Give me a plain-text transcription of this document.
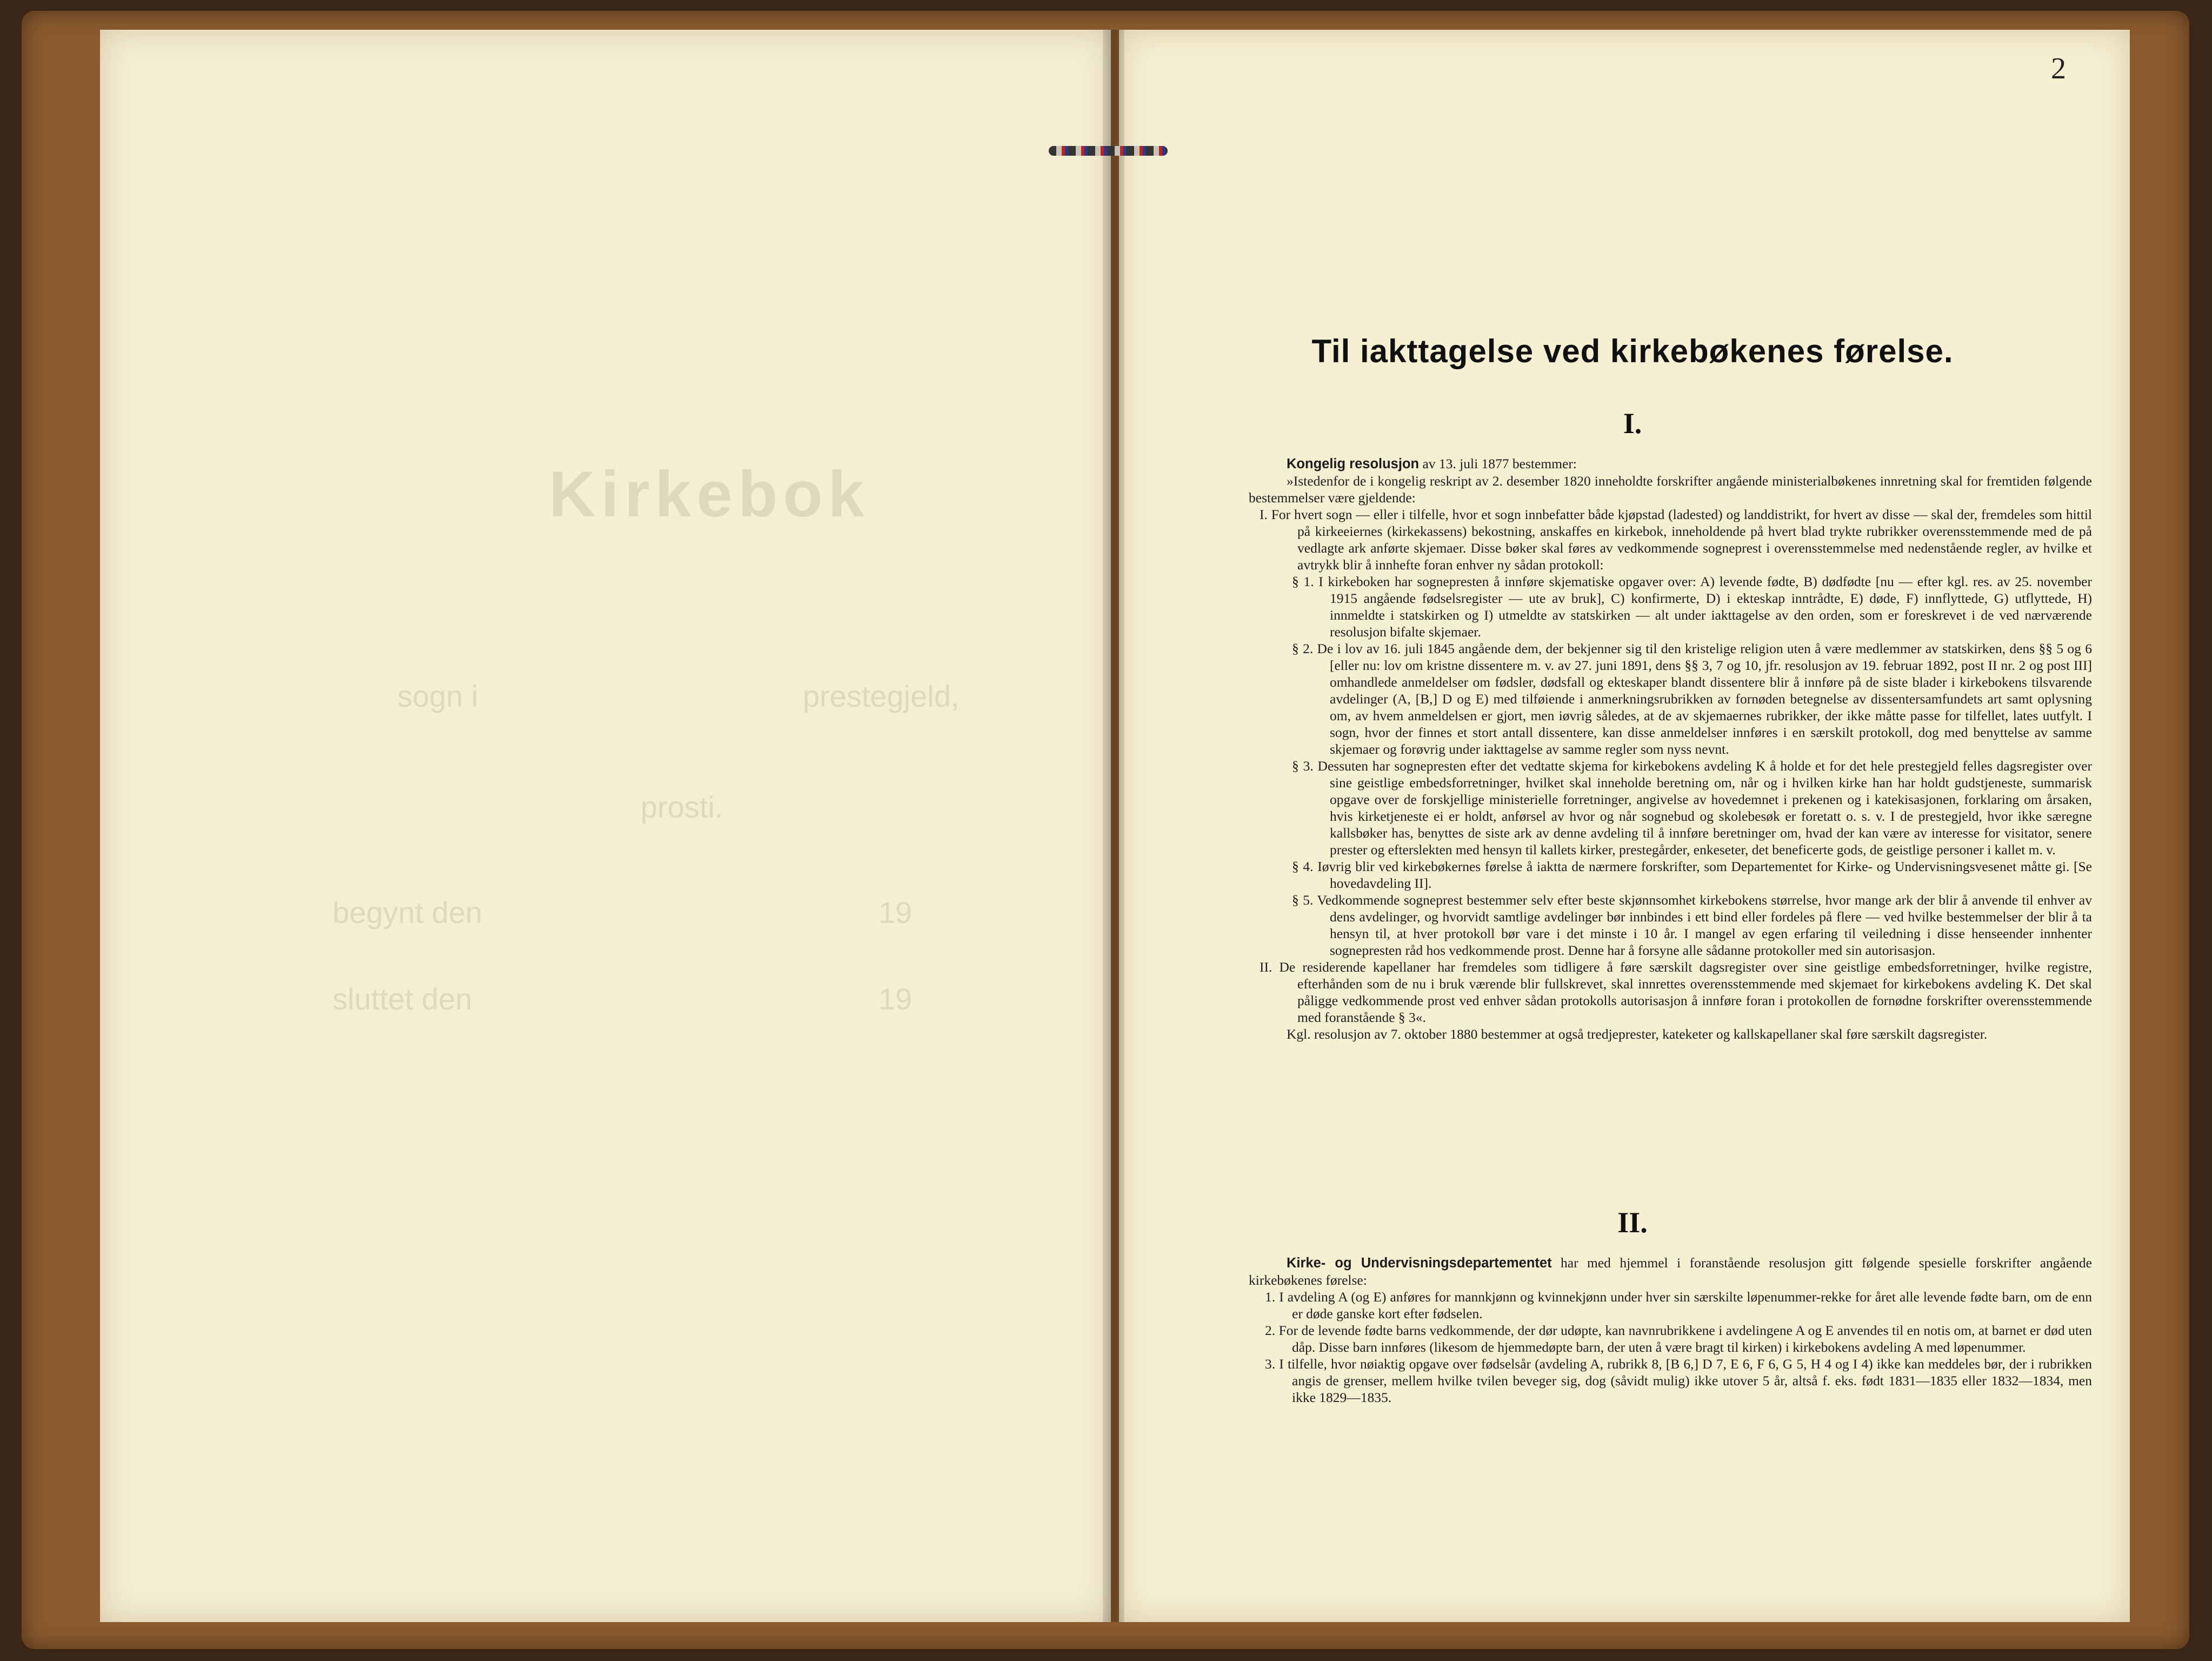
Kirkebok
sogn i	prestegjeld,
prosti.
begynt den	19
sluttet den	19
2
Til iakttagelse ved kirkebøkenes førelse.
I.

Kongelig resolusjon av 13. juli 1877 bestemmer:

»Istedenfor de i kongelig reskript av 2. desember 1820 inneholdte forskrifter angående ministerialbøkenes innretning skal for fremtiden følgende bestemmelser være gjeldende:

I. For hvert sogn — eller i tilfelle, hvor et sogn innbefatter både kjøpstad (ladested) og landdistrikt, for hvert av disse — skal der, fremdeles som hittil på kirkeeiernes (kirkekassens) bekostning, anskaffes en kirkebok, inneholdende på hvert blad trykte rubrikker overensstemmende med de på vedlagte ark anførte skjemaer. Disse bøker skal føres av vedkommende sogneprest i overensstemmelse med nedenstående regler, av hvilke et avtrykk blir å innhefte foran enhver ny sådan protokoll:

§ 1. I kirkeboken har sognepresten å innføre skjematiske opgaver over: A) levende fødte, B) dødfødte [nu — efter kgl. res. av 25. november 1915 angående fødselsregister — ute av bruk], C) konfirmerte, D) i ekteskap inntrådte, E) døde, F) innflyttede, G) utflyttede, H) innmeldte i statskirken og I) utmeldte av statskirken — alt under iakttagelse av den orden, som er foreskrevet i de ved nærværende resolusjon bifalte skjemaer.

§ 2. De i lov av 16. juli 1845 angående dem, der bekjenner sig til den kristelige religion uten å være medlemmer av statskirken, dens §§ 5 og 6 [eller nu: lov om kristne dissentere m. v. av 27. juni 1891, dens §§ 3, 7 og 10, jfr. resolusjon av 19. februar 1892, post II nr. 2 og post III] omhandlede anmeldelser om fødsler, dødsfall og ekteskaper blandt dissentere blir å innføre på de siste blader i kirkebokens tilsvarende avdelinger (A, [B,] D og E) med tilføiende i anmerkningsrubrikken av fornøden betegnelse av dissentersamfundets art samt oplysning om, av hvem anmeldelsen er gjort, men iøvrig således, at de av skjemaernes rubrikker, der ikke måtte passe for tilfellet, lates uutfylt. I sogn, hvor der finnes et stort antall dissentere, kan disse anmeldelser innføres i en særskilt protokoll, dog med benyttelse av samme skjemaer og forøvrig under iakttagelse av samme regler som nyss nevnt.

§ 3. Dessuten har sognepresten efter det vedtatte skjema for kirkebokens avdeling K å holde et for det hele prestegjeld felles dagsregister over sine geistlige embedsforretninger, hvilket skal inneholde beretning om, når og i hvilken kirke han har holdt gudstjeneste, summarisk opgave over de forskjellige ministerielle forretninger, angivelse av hovedemnet i prekenen og i katekisasjonen, forklaring om årsaken, hvis kirketjeneste ei er holdt, anførsel av hvor og når sognebud og skolebesøk er foretatt o. s. v. I de prestegjeld, hvor ikke særegne kallsbøker has, benyttes de siste ark av denne avdeling til å innføre beretninger om, hvad der kan være av interesse for visitator, senere prester og efterslekten med hensyn til kallets kirker, prestegårder, enkeseter, det beneficerte gods, de geistlige personer i kallet m. v.

§ 4. Iøvrig blir ved kirkebøkernes førelse å iaktta de nærmere forskrifter, som Departementet for Kirke- og Undervisningsvesenet måtte gi. [Se hovedavdeling II].

§ 5. Vedkommende sogneprest bestemmer selv efter beste skjønnsomhet kirkebokens størrelse, hvor mange ark der blir å anvende til enhver av dens avdelinger, og hvorvidt samtlige avdelinger bør innbindes i ett bind eller fordeles på flere — ved hvilke bestemmelser der blir å ta hensyn til, at hver protokoll bør vare i det minste i 10 år. I mangel av egen erfaring til veiledning i disse henseender innhenter sognepresten råd hos vedkommende prost. Denne har å forsyne alle sådanne protokoller med sin autorisasjon.

II. De residerende kapellaner har fremdeles som tidligere å føre særskilt dagsregister over sine geistlige embedsforretninger, hvilke registre, efterhånden som de nu i bruk værende blir fullskrevet, skal innrettes overensstemmende med skjemaet for kirkebokens avdeling K. Det skal påligge vedkommende prost ved enhver sådan protokolls autorisasjon å innføre foran i protokollen de fornødne forskrifter overensstemmende med foranstående § 3«.

Kgl. resolusjon av 7. oktober 1880 bestemmer at også tredjeprester, kateketer og kallskapellaner skal føre særskilt dagsregister.

II.

Kirke- og Undervisningsdepartementet har med hjemmel i foranstående resolusjon gitt følgende spesielle forskrifter angående kirkebøkenes førelse:

1. I avdeling A (og E) anføres for mannkjønn og kvinnekjønn under hver sin særskilte løpenummer-rekke for året alle levende fødte barn, om de enn er døde ganske kort efter fødselen.

2. For de levende fødte barns vedkommende, der dør udøpte, kan navnrubrikkene i avdelingene A og E anvendes til en notis om, at barnet er død uten dåp. Disse barn innføres (likesom de hjemmedøpte barn, der uten å være bragt til kirken) i kirkebokens avdeling A med løpenummer.

3. I tilfelle, hvor nøiaktig opgave over fødselsår (avdeling A, rubrikk 8, [B 6,] D 7, E 6, F 6, G 5, H 4 og I 4) ikke kan meddeles bør, der i rubrikken angis de grenser, mellem hvilke tvilen beveger sig, dog (såvidt mulig) ikke utover 5 år, altså f. eks. født 1831—1835 eller 1832—1834, men ikke 1829—1835.
